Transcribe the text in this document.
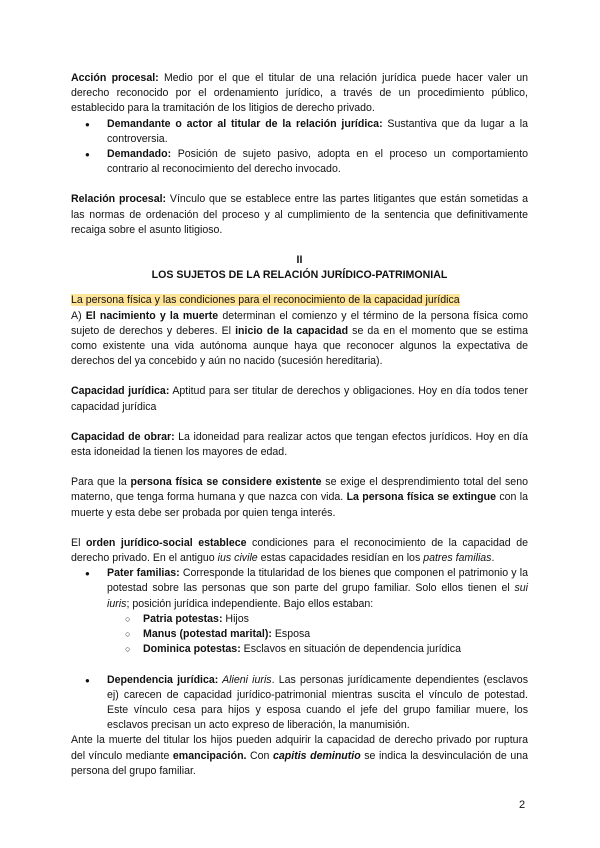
Acción procesal: Medio por el que el titular de una relación jurídica puede hacer valer un derecho reconocido por el ordenamiento jurídico, a través de un procedimiento público, establecido para la tramitación de los litigios de derecho privado.

● Demandante o actor al titular de la relación jurídica: Sustantiva que da lugar a la controversia.
● Demandado: Posición de sujeto pasivo, adopta en el proceso un comportamiento contrario al reconocimiento del derecho invocado.

Relación procesal: Vínculo que se establece entre las partes litigantes que están sometidas a las normas de ordenación del proceso y al cumplimiento de la sentencia que definitivamente recaiga sobre el asunto litigioso.

II

LOS SUJETOS DE LA RELACIÓN JURÍDICO-PATRIMONIAL

La persona física y las condiciones para el reconocimiento de la capacidad jurídica

A) El nacimiento y la muerte determinan el comienzo y el término de la persona física como sujeto de derechos y deberes. El inicio de la capacidad se da en el momento que se estima como existente una vida autónoma aunque haya que reconocer algunos la expectativa de derechos del ya concebido y aún no nacido (sucesión hereditaria).

Capacidad jurídica: Aptitud para ser titular de derechos y obligaciones. Hoy en día todos tener capacidad jurídica

Capacidad de obrar: La idoneidad para realizar actos que tengan efectos jurídicos. Hoy en día esta idoneidad la tienen los mayores de edad.

Para que la persona física se considere existente se exige el desprendimiento total del seno materno, que tenga forma humana y que nazca con vida. La persona física se extingue con la muerte y esta debe ser probada por quien tenga interés.

El orden jurídico-social establece condiciones para el reconocimiento de la capacidad de derecho privado. En el antiguo ius civile estas capacidades residían en los patres familias.

● Pater familias: Corresponde la titularidad de los bienes que componen el patrimonio y la potestad sobre las personas que son parte del grupo familiar. Solo ellos tienen el sui iuris; posición jurídica independiente. Bajo ellos estaban:
○ Patria potestas: Hijos
○ Manus (potestad marital): Esposa
○ Dominica potestas: Esclavos en situación de dependencia jurídica
● Dependencia jurídica: Alieni iuris. Las personas jurídicamente dependientes (esclavos ej) carecen de capacidad jurídico-patrimonial mientras suscita el vínculo de potestad. Este vínculo cesa para hijos y esposa cuando el jefe del grupo familiar muere, los esclavos precisan un acto expreso de liberación, la manumisión.

Ante la muerte del titular los hijos pueden adquirir la capacidad de derecho privado por ruptura del vínculo mediante emancipación. Con capitis deminutio se indica la desvinculación de una persona del grupo familiar.

2
